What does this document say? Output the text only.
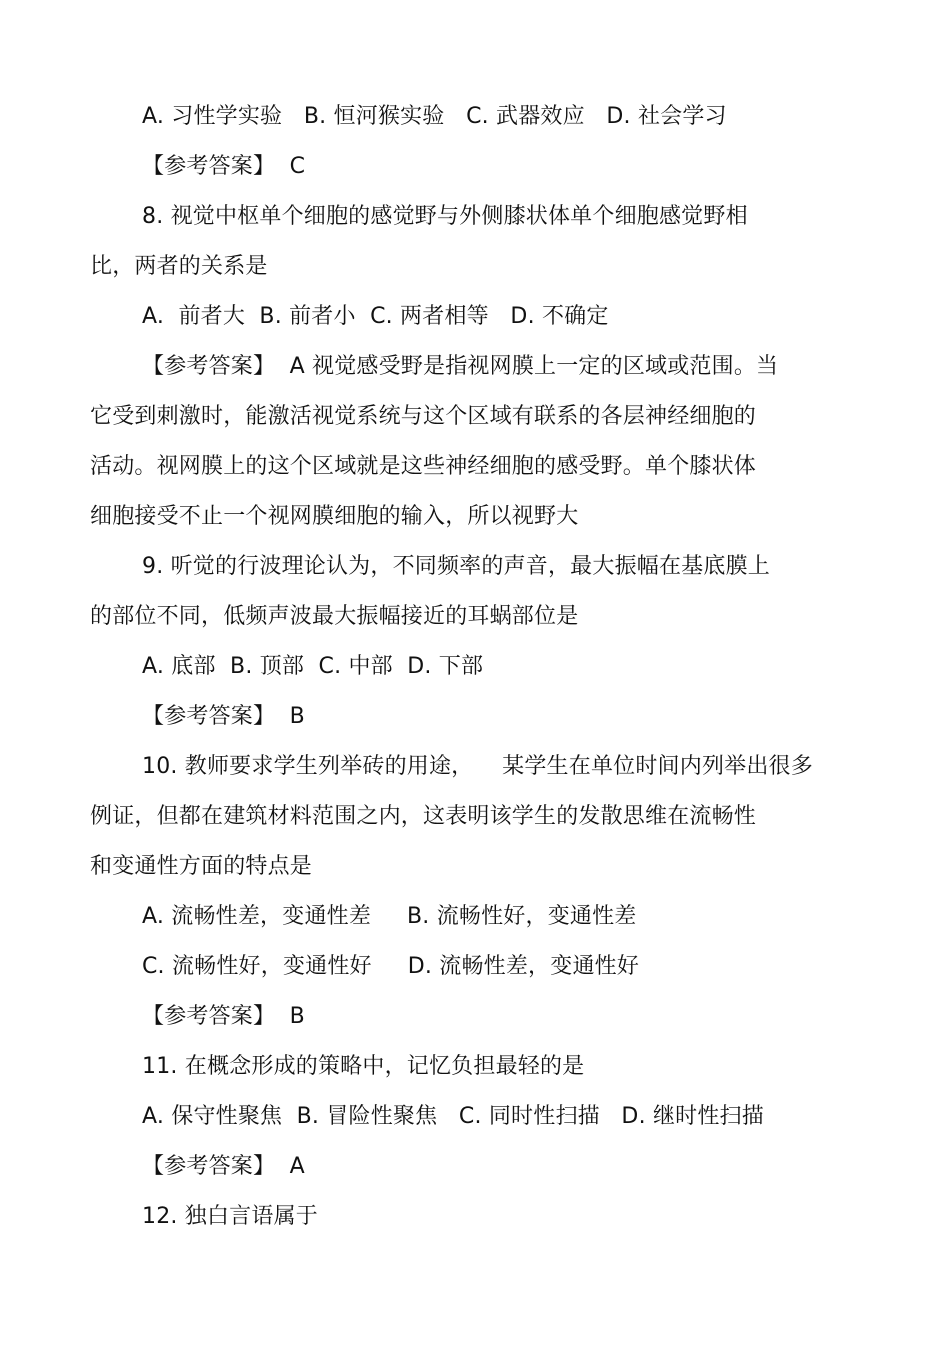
A. 习性学实验   B. 恒河猴实验   C. 武器效应   D. 社会学习
【参考答案】  C
8. 视觉中枢单个细胞的感觉野与外侧膝状体单个细胞感觉野相
比，两者的关系是
A.  前者大  B. 前者小  C. 两者相等   D. 不确定
【参考答案】  A 视觉感受野是指视网膜上一定的区域或范围。当
它受到刺激时，能激活视觉系统与这个区域有联系的各层神经细胞的
活动。视网膜上的这个区域就是这些神经细胞的感受野。单个膝状体
细胞接受不止一个视网膜细胞的输入，所以视野大
9. 听觉的行波理论认为，不同频率的声音，最大振幅在基底膜上
的部位不同，低频声波最大振幅接近的耳蜗部位是
A. 底部  B. 顶部  C. 中部  D. 下部
【参考答案】  B
10. 教师要求学生列举砖的用途，    某学生在单位时间内列举出很多
例证，但都在建筑材料范围之内，这表明该学生的发散思维在流畅性
和变通性方面的特点是
A. 流畅性差，变通性差     B. 流畅性好，变通性差
C. 流畅性好，变通性好     D. 流畅性差，变通性好
【参考答案】  B
11. 在概念形成的策略中，记忆负担最轻的是
A. 保守性聚焦  B. 冒险性聚焦   C. 同时性扫描   D. 继时性扫描
【参考答案】  A
12. 独白言语属于
